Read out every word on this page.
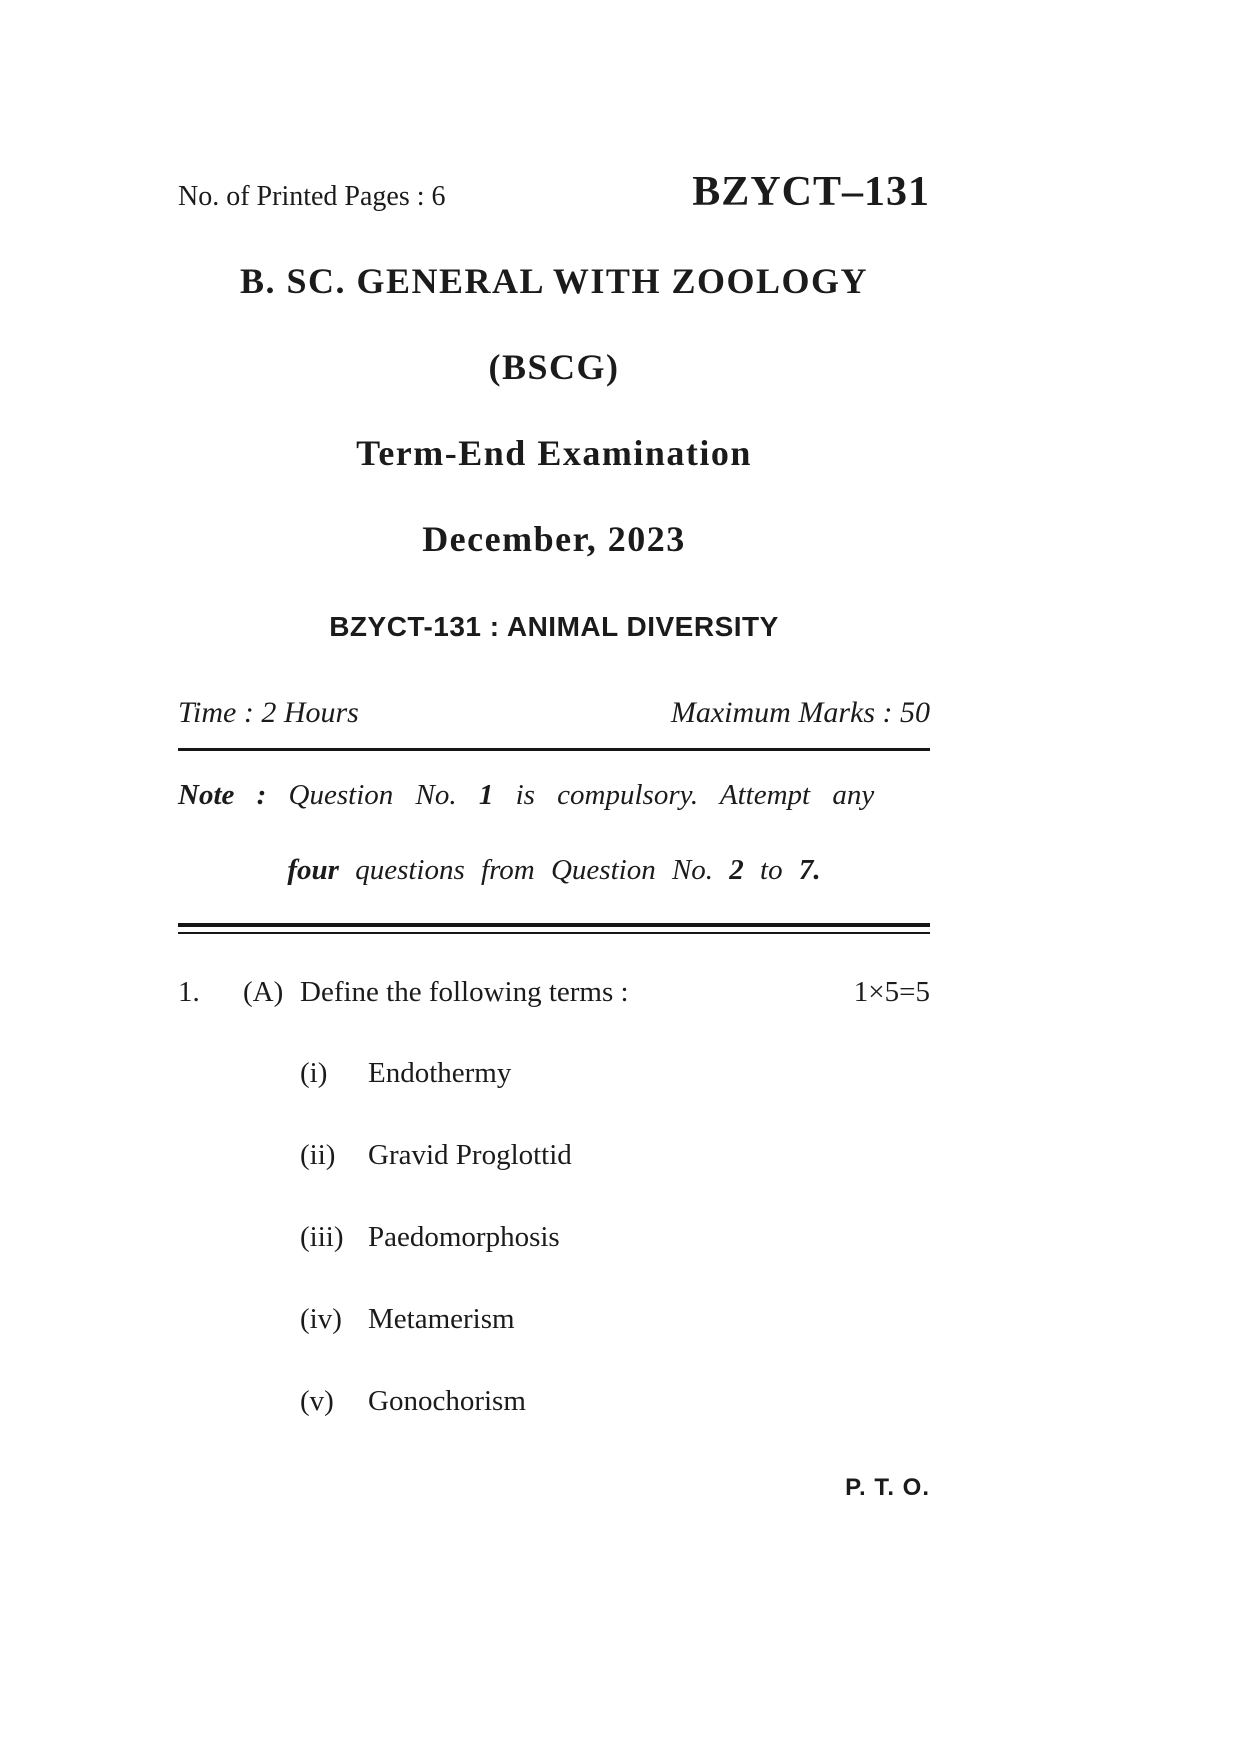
No. of Printed Pages : 6	BZYCT–131
B. SC. GENERAL WITH ZOOLOGY
(BSCG)
Term-End Examination
December, 2023
BZYCT-131 : ANIMAL DIVERSITY
Time : 2 Hours	Maximum Marks : 50
Note : Question No. 1 is compulsory. Attempt any
four questions from Question No. 2 to 7.
1.	(A) Define the following terms :	1×5=5
(i)	Endothermy
(ii)	Gravid Proglottid
(iii) Paedomorphosis
(iv) Metamerism
(v)	Gonochorism
P. T. O.
